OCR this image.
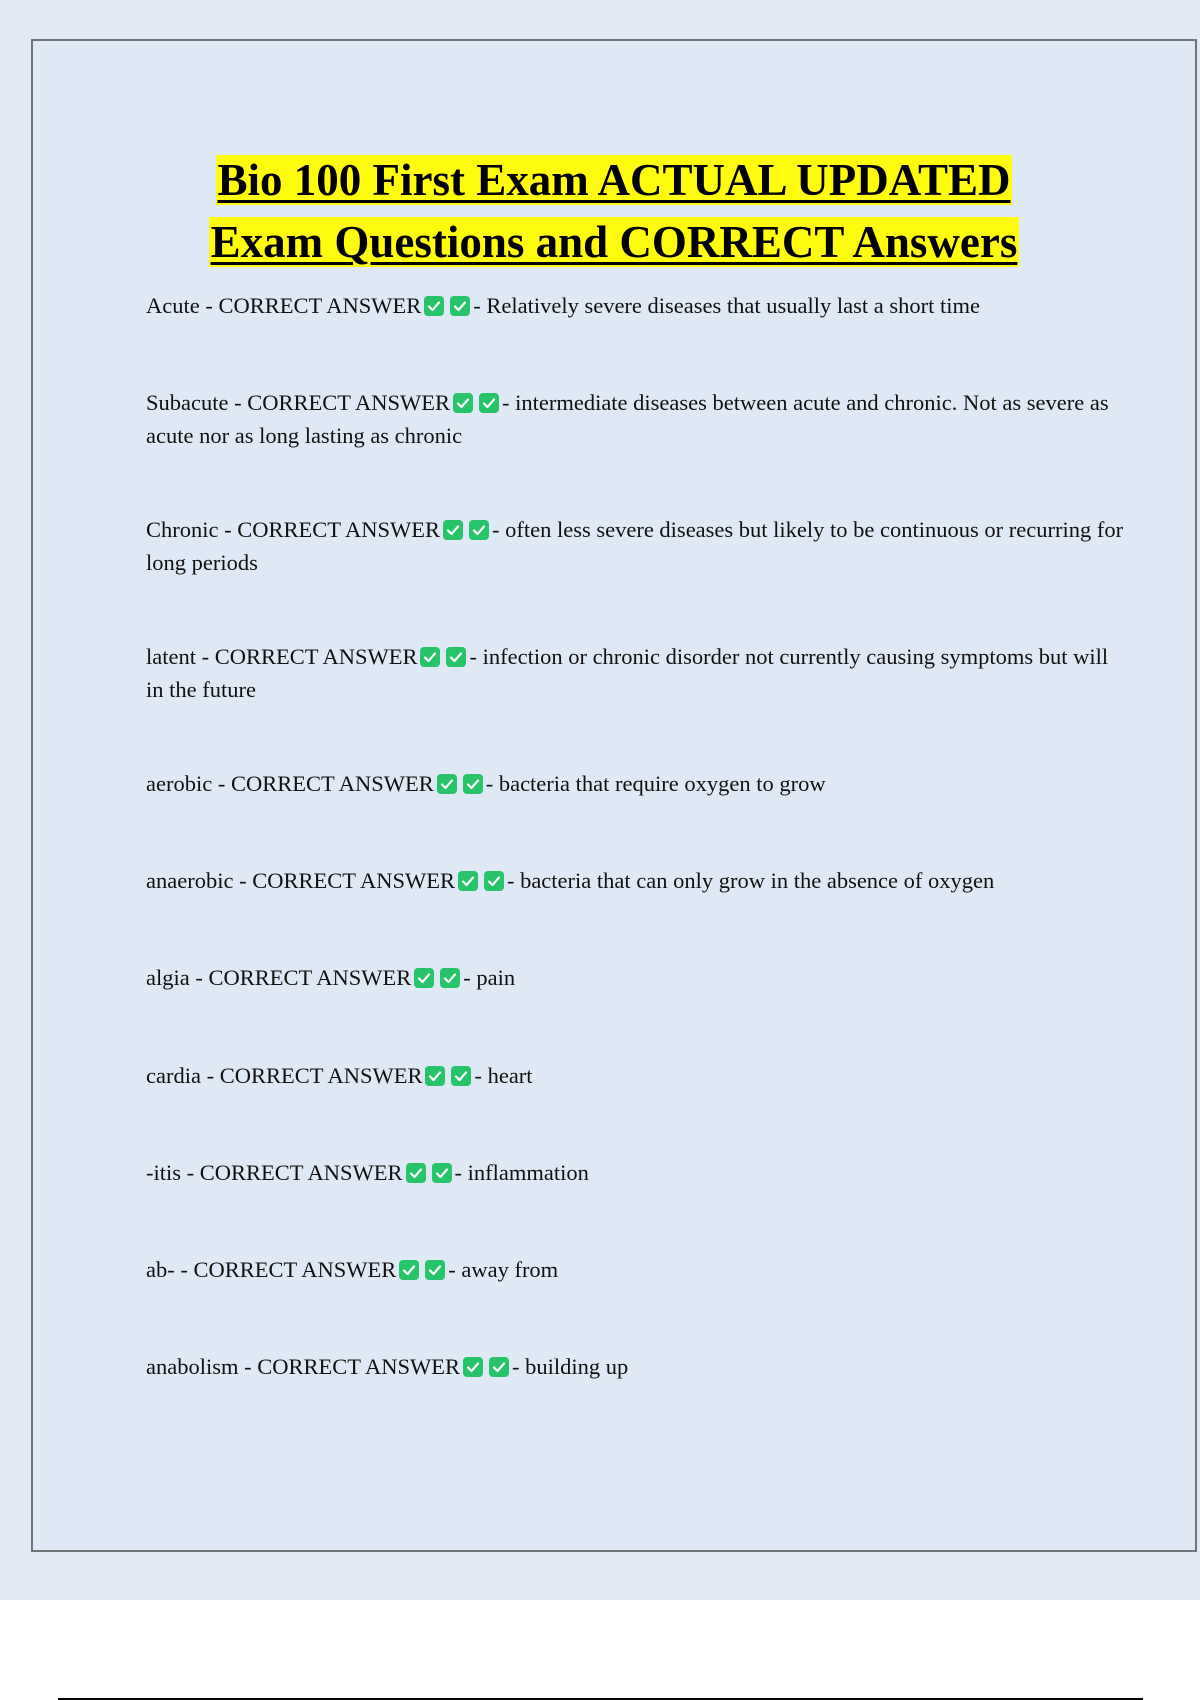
Bio 100 First Exam ACTUAL UPDATED
Exam Questions and CORRECT Answers
Acute - CORRECT ANSWER - Relatively severe diseases that usually last a short time
Subacute - CORRECT ANSWER - intermediate diseases between acute and chronic. Not as severe as acute nor as long lasting as chronic
Chronic - CORRECT ANSWER - often less severe diseases but likely to be continuous or recurring for long periods
latent - CORRECT ANSWER - infection or chronic disorder not currently causing symptoms but will in the future
aerobic - CORRECT ANSWER - bacteria that require oxygen to grow
anaerobic - CORRECT ANSWER - bacteria that can only grow in the absence of oxygen
algia - CORRECT ANSWER - pain
cardia - CORRECT ANSWER - heart
-itis - CORRECT ANSWER - inflammation
ab- - CORRECT ANSWER - away from
anabolism - CORRECT ANSWER - building up
